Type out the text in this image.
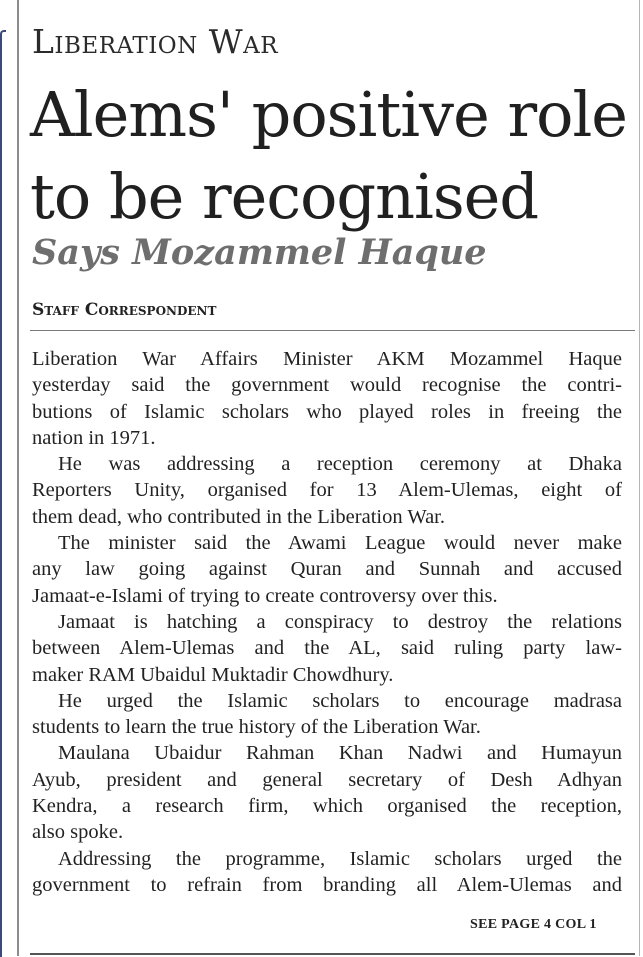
Liberation War
Alems' positive role
to be recognised
Says Mozammel Haque
Staff Correspondent
Liberation War Affairs Minister AKM Mozammel Haque
yesterday said the government would recognise the contri-
butions of Islamic scholars who played roles in freeing the
nation in 1971.
He was addressing a reception ceremony at Dhaka
Reporters Unity, organised for 13 Alem-Ulemas, eight of
them dead, who contributed in the Liberation War.
The minister said the Awami League would never make
any law going against Quran and Sunnah and accused
Jamaat-e-Islami of trying to create controversy over this.
Jamaat is hatching a conspiracy to destroy the relations
between Alem-Ulemas and the AL, said ruling party law-
maker RAM Ubaidul Muktadir Chowdhury.
He urged the Islamic scholars to encourage madrasa
students to learn the true history of the Liberation War.
Maulana Ubaidur Rahman Khan Nadwi and Humayun
Ayub, president and general secretary of Desh Adhyan
Kendra, a research firm, which organised the reception,
also spoke.
Addressing the programme, Islamic scholars urged the
government to refrain from branding all Alem-Ulemas and
SEE PAGE 4 COL 1
